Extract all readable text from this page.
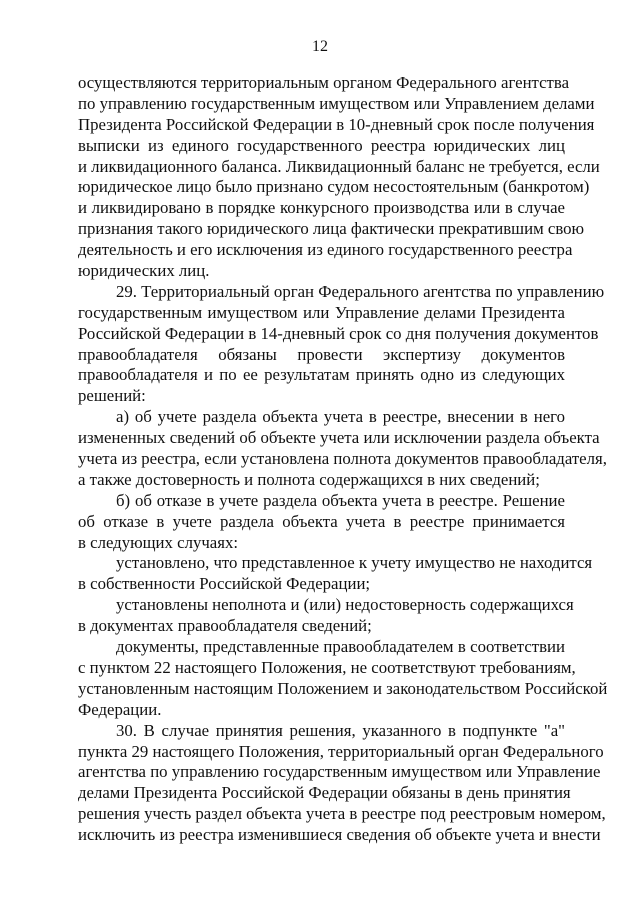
12
осуществляются территориальным органом Федерального агентства
по управлению государственным имуществом или Управлением делами
Президента Российской Федерации в 10-дневный срок после получения
выписки из единого государственного реестра юридических лиц
и ликвидационного баланса. Ликвидационный баланс не требуется, если
юридическое лицо было признано судом несостоятельным (банкротом)
и ликвидировано в порядке конкурсного производства или в случае
признания такого юридического лица фактически прекратившим свою
деятельность и его исключения из единого государственного реестра
юридических лиц.
29. Территориальный орган Федерального агентства по управлению
государственным имуществом или Управление делами Президента
Российской Федерации в 14-дневный срок со дня получения документов
правообладателя обязаны провести экспертизу документов
правообладателя и по ее результатам принять одно из следующих
решений:
а) об учете раздела объекта учета в реестре, внесении в него
измененных сведений об объекте учета или исключении раздела объекта
учета из реестра, если установлена полнота документов правообладателя,
а также достоверность и полнота содержащихся в них сведений;
б) об отказе в учете раздела объекта учета в реестре. Решение
об отказе в учете раздела объекта учета в реестре принимается
в следующих случаях:
установлено, что представленное к учету имущество не находится
в собственности Российской Федерации;
установлены неполнота и (или) недостоверность содержащихся
в документах правообладателя сведений;
документы, представленные правообладателем в соответствии
с пунктом 22 настоящего Положения, не соответствуют требованиям,
установленным настоящим Положением и законодательством Российской
Федерации.
30. В случае принятия решения, указанного в подпункте "а"
пункта 29 настоящего Положения, территориальный орган Федерального
агентства по управлению государственным имуществом или Управление
делами Президента Российской Федерации обязаны в день принятия
решения учесть раздел объекта учета в реестре под реестровым номером,
исключить из реестра изменившиеся сведения об объекте учета и внести
